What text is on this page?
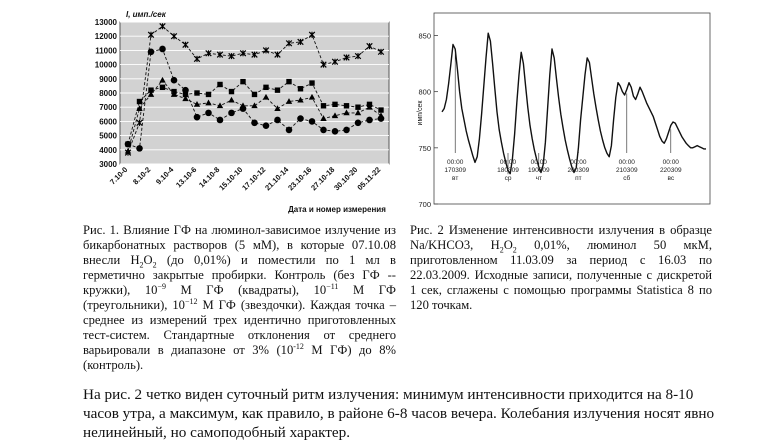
3000
4000
5000
6000
7000
8000
9000
10000
11000
12000
13000
I, имп./сек
7.10-0 8.10-2 9.10-4
13.10-6
14.10-8
15.10-10
17.10-12
21.10-14
23.10-16
27.10-18
30.10-20
05.11-22
Дата и номер измерения
700
750
800
850
имп/сек
00:00
170309
вт
00:00
180309
ср
00:00
190309
чт
00:00
200309
пт
00:00
210309
сб
00:00
220309
вс
Рис. 1. Влияние ГФ на люминол-зависимое излучение из бикарбонатных растворов (5 мМ), в которые 07.10.08 внесли $H_2O_2$ (до 0,01%) и поместили по 1 мл в герметично закрытые пробирки. Контроль (без ГФ -- кружки), $10^{-9}$ М ГФ (квадраты), $10^{-11}$ М ГФ (треугольники), $10^{-12}$ М ГФ (звездочки). Каждая точка – среднее из измерений трех идентично приготовленных тест-систем. Стандартные отклонения от среднего варьировали в диапазоне от 3% ($10^{-12}$ М ГФ) до 8% (контроль).
Рис. 2 Изменение интенсивности излучения в образце Na/KHCO3, $H_2O_2$ 0,01%, люминол 50 мкМ, приготовленном 11.03.09 за период с 16.03 по 22.03.2009. Исходные записи, полученные с дискретой 1 сек, сглажены с помощью программы Statistica 8 по 120 точкам.
На рис. 2 четко виден суточный ритм излучения: минимум интенсивности приходится на 8-10 часов утра, а максимум, как правило, в районе 6-8 часов вечера. Колебания излучения носят явно нелинейный, но самоподобный характер.
